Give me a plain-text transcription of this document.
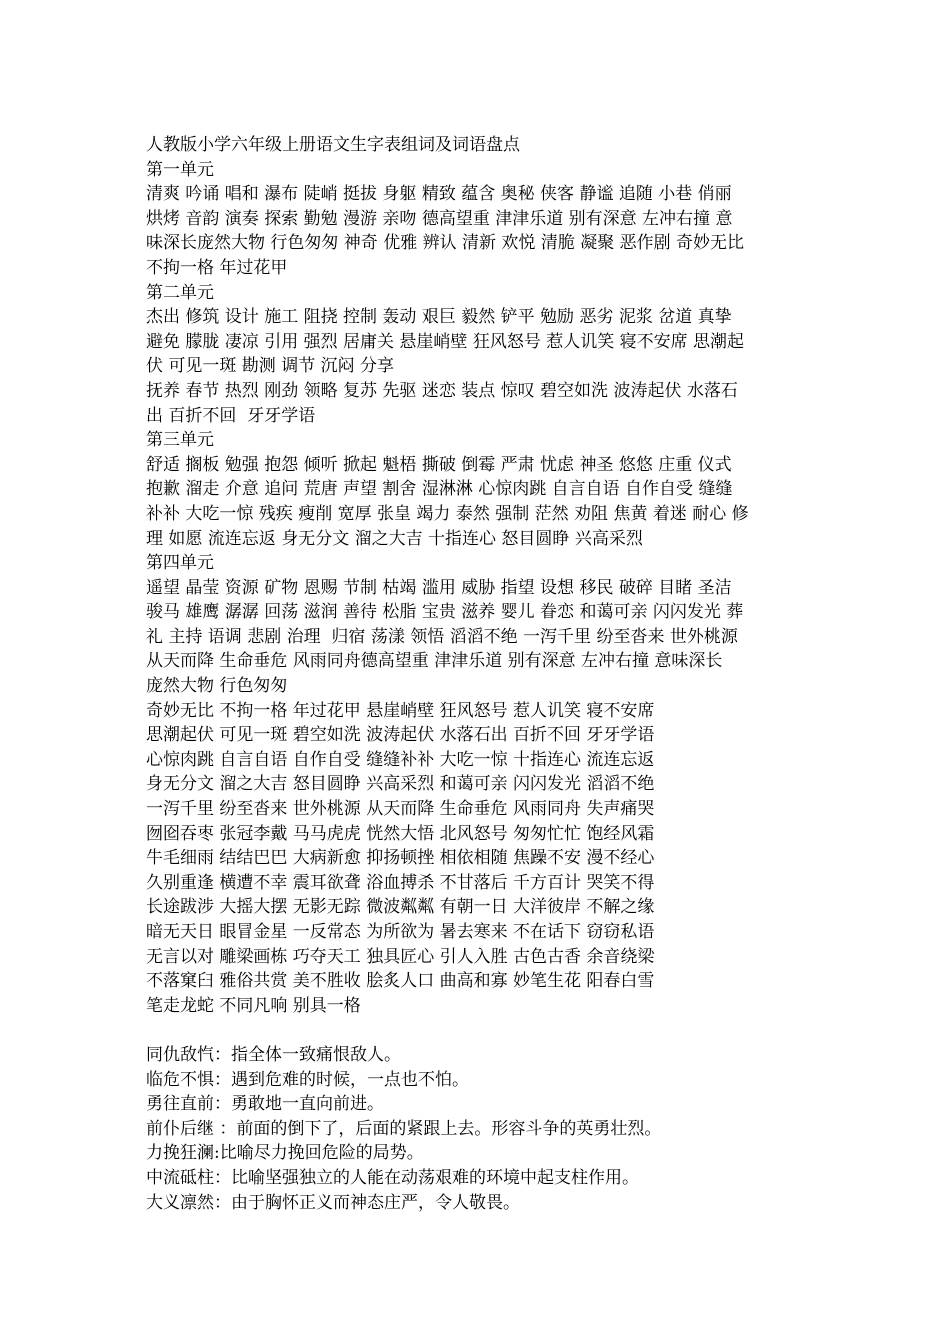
人教版小学六年级上册语文生字表组词及词语盘点
第一单元
清爽 吟诵 唱和 瀑布 陡峭 挺拔 身躯 精致 蕴含 奥秘 侠客 静谧 追随 小巷 俏丽
烘烤 音韵 演奏 探索 勤勉 漫游 亲吻 德高望重 津津乐道 别有深意 左冲右撞 意
味深长庞然大物 行色匆匆 神奇 优雅 辨认 清新 欢悦 清脆 凝聚 恶作剧 奇妙无比
不拘一格 年过花甲
第二单元
杰出 修筑 设计 施工 阻挠 控制 轰动 艰巨 毅然 铲平 勉励 恶劣 泥浆 岔道 真挚
避免 朦胧 凄凉 引用 强烈 居庸关 悬崖峭壁 狂风怒号 惹人讥笑 寝不安席 思潮起
伏 可见一斑 勘测 调节 沉闷 分享
抚养 春节 热烈 刚劲 领略 复苏 先驱 迷恋 装点 惊叹 碧空如洗 波涛起伏 水落石
出 百折不回  牙牙学语
第三单元
舒适 搁板 勉强 抱怨 倾听 掀起 魁梧 撕破 倒霉 严肃 忧虑 神圣 悠悠 庄重 仪式
抱歉 溜走 介意 追问 荒唐 声望 割舍 湿淋淋 心惊肉跳 自言自语 自作自受 缝缝
补补 大吃一惊 残疾 瘦削 宽厚 张皇 竭力 泰然 强制 茫然 劝阻 焦黄 着迷 耐心 修
理 如愿 流连忘返 身无分文 溜之大吉 十指连心 怒目圆睁 兴高采烈
第四单元
遥望 晶莹 资源 矿物 恩赐 节制 枯竭 滥用 威胁 指望 设想 移民 破碎 目睹 圣洁
骏马 雄鹰 潺潺 回荡 滋润 善待 松脂 宝贵 滋养 婴儿 眷恋 和蔼可亲 闪闪发光 葬
礼 主持 语调 悲剧 治理  归宿 荡漾 领悟 滔滔不绝 一泻千里 纷至沓来 世外桃源
从天而降 生命垂危 风雨同舟德高望重 津津乐道 别有深意 左冲右撞 意味深长
庞然大物 行色匆匆
奇妙无比 不拘一格 年过花甲 悬崖峭壁 狂风怒号 惹人讥笑 寝不安席
思潮起伏 可见一斑 碧空如洗 波涛起伏 水落石出 百折不回 牙牙学语
心惊肉跳 自言自语 自作自受 缝缝补补 大吃一惊 十指连心 流连忘返
身无分文 溜之大吉 怒目圆睁 兴高采烈 和蔼可亲 闪闪发光 滔滔不绝
一泻千里 纷至沓来 世外桃源 从天而降 生命垂危 风雨同舟 失声痛哭
囫囵吞枣 张冠李戴 马马虎虎 恍然大悟 北风怒号 匆匆忙忙 饱经风霜
牛毛细雨 结结巴巴 大病新愈 抑扬顿挫 相依相随 焦躁不安 漫不经心
久别重逢 横遭不幸 震耳欲聋 浴血搏杀 不甘落后 千方百计 哭笑不得
长途跋涉 大摇大摆 无影无踪 微波粼粼 有朝一日 大洋彼岸 不解之缘
暗无天日 眼冒金星 一反常态 为所欲为 暑去寒来 不在话下 窃窃私语
无言以对 雕梁画栋 巧夺天工 独具匠心 引人入胜 古色古香 余音绕梁
不落窠臼 雅俗共赏 美不胜收 脍炙人口 曲高和寡 妙笔生花 阳春白雪
笔走龙蛇 不同凡响 别具一格
同仇敌忾：指全体一致痛恨敌人。
临危不惧：遇到危难的时候，一点也不怕。
勇往直前：勇敢地一直向前进。
前仆后继 ：前面的倒下了，后面的紧跟上去。形容斗争的英勇壮烈。
力挽狂澜:比喻尽力挽回危险的局势。
中流砥柱：比喻坚强独立的人能在动荡艰难的环境中起支柱作用。
大义凛然：由于胸怀正义而神态庄严，令人敬畏。
